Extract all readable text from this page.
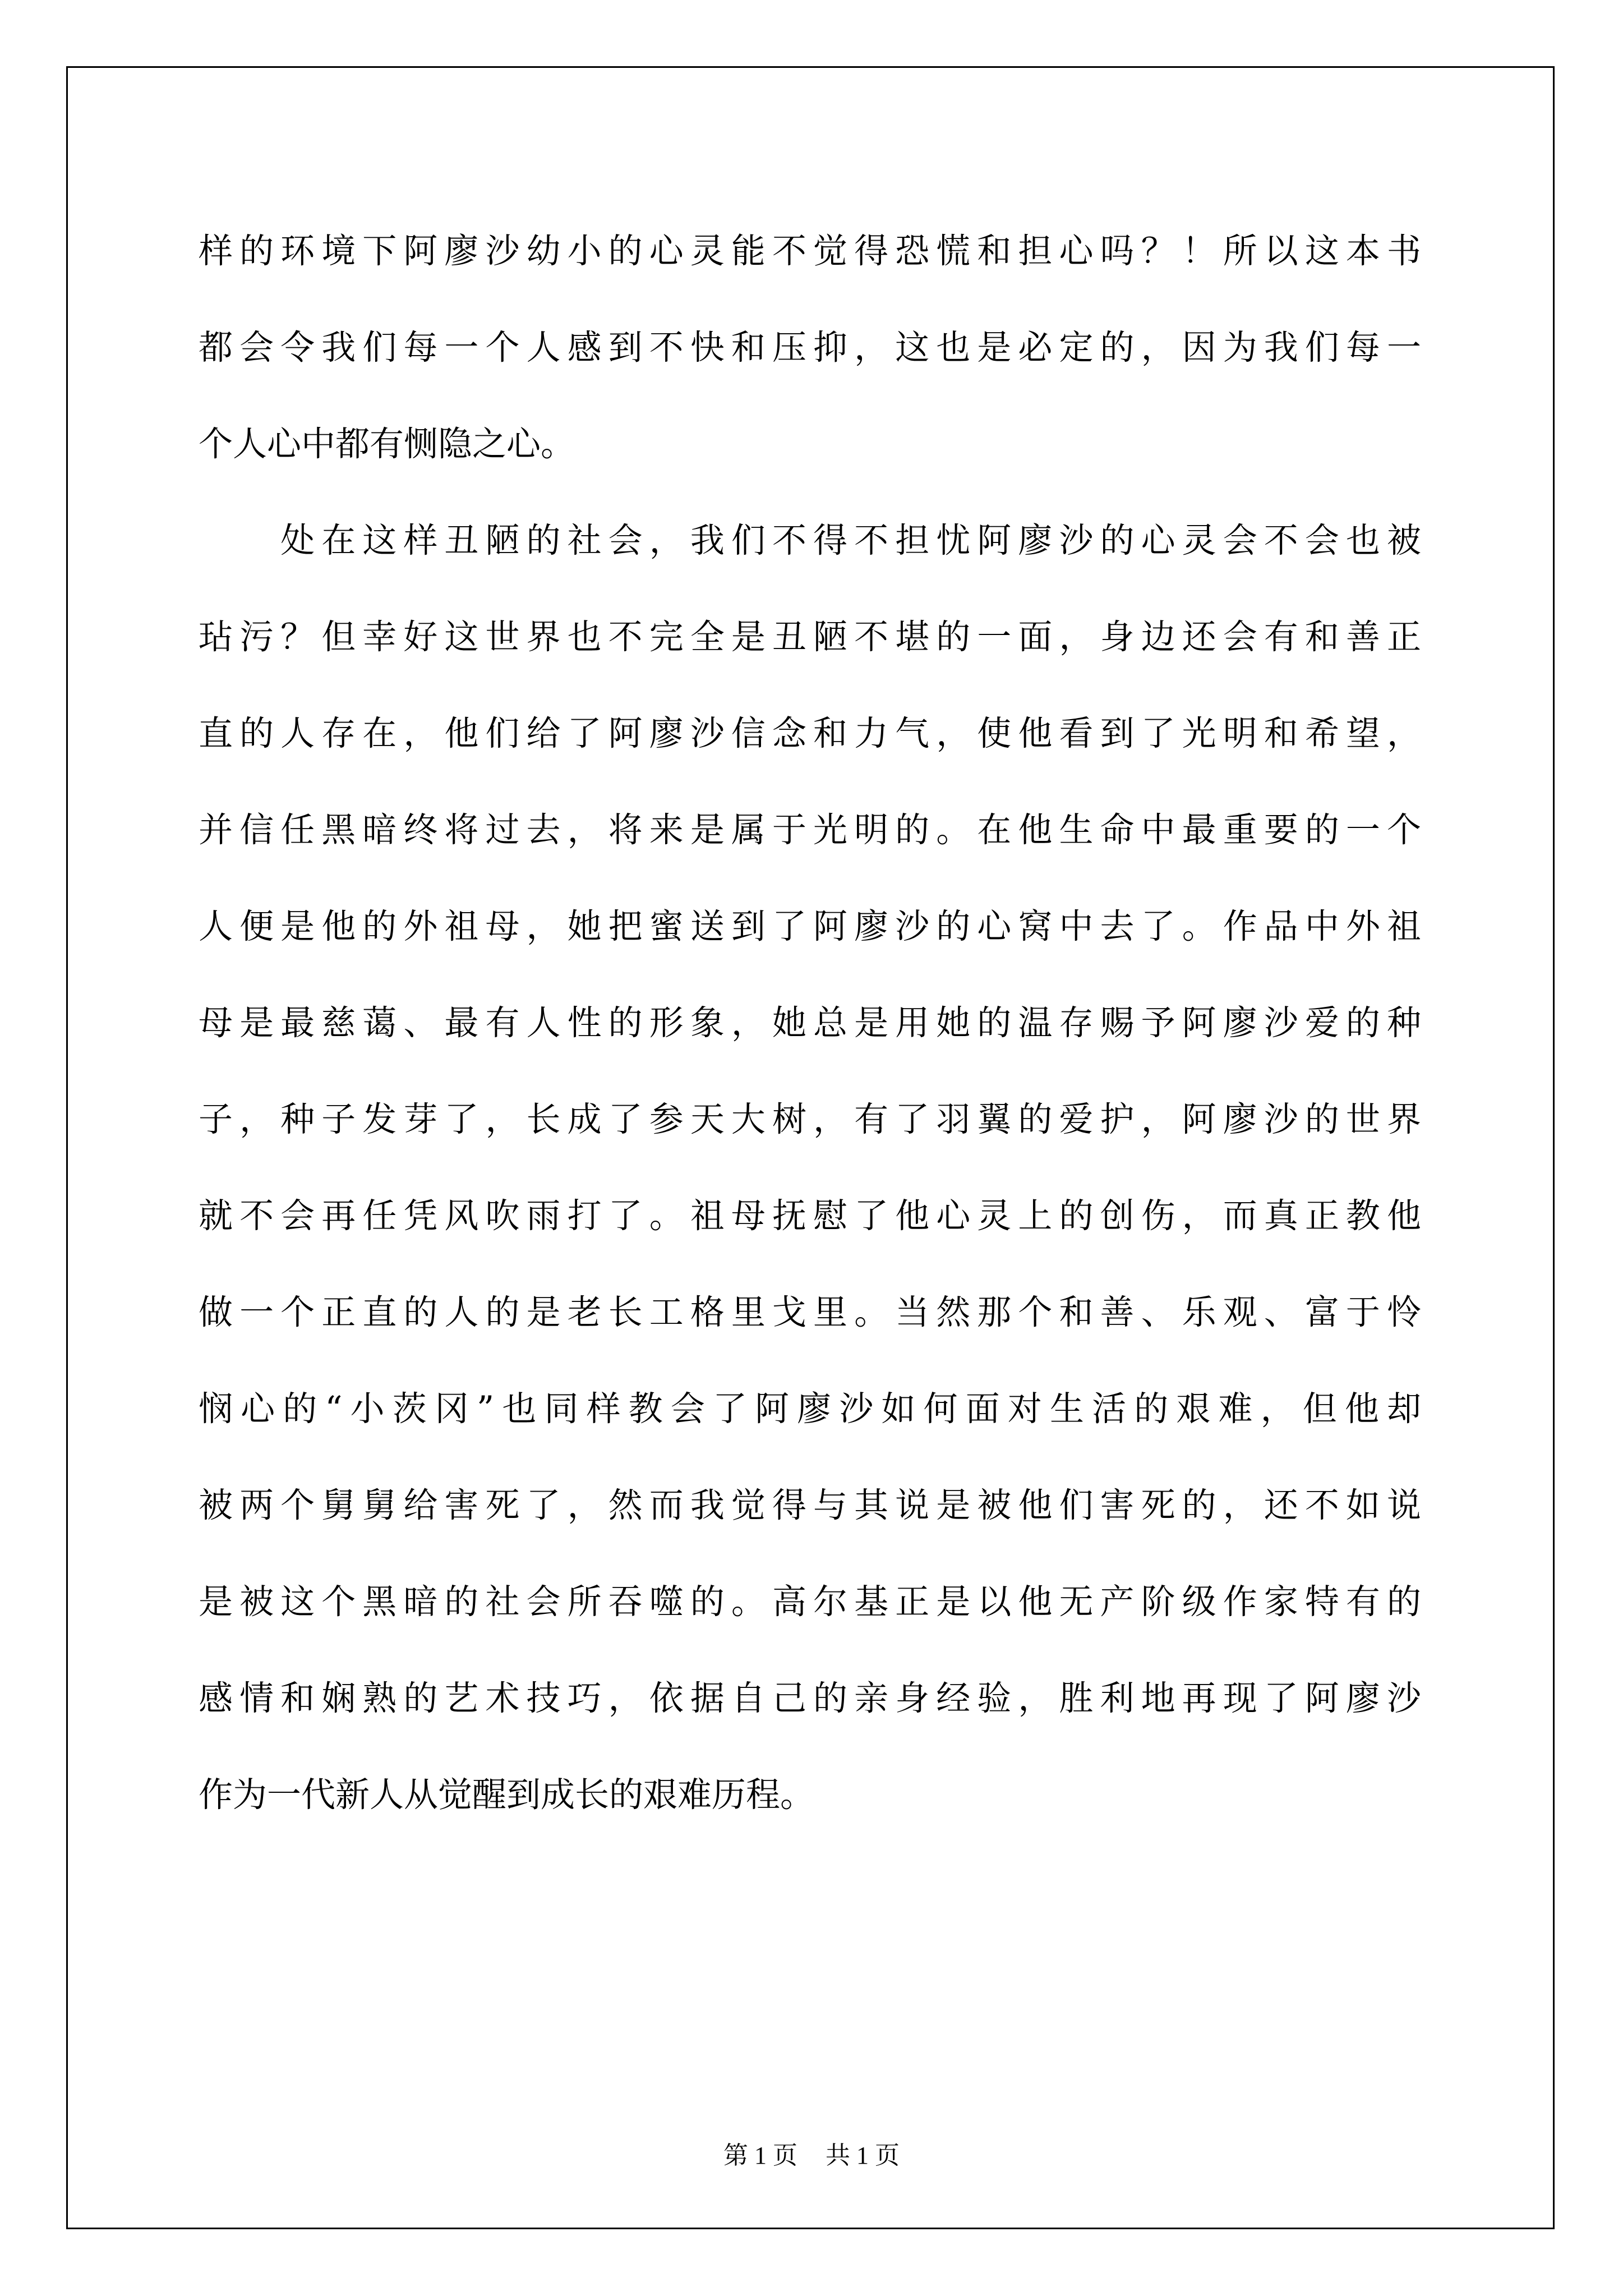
样的环境下阿廖沙幼小的心灵能不觉得恐慌和担心吗？！所以这本书
都会令我们每一个人感到不快和压抑，这也是必定的，因为我们每一
个人心中都有恻隐之心。
　　处在这样丑陋的社会，我们不得不担忧阿廖沙的心灵会不会也被
玷污？但幸好这世界也不完全是丑陋不堪的一面，身边还会有和善正
直的人存在，他们给了阿廖沙信念和力气，使他看到了光明和希望，
并信任黑暗终将过去，将来是属于光明的。在他生命中最重要的一个
人便是他的外祖母，她把蜜送到了阿廖沙的心窝中去了。作品中外祖
母是最慈蔼、最有人性的形象，她总是用她的温存赐予阿廖沙爱的种
子，种子发芽了，长成了参天大树，有了羽翼的爱护，阿廖沙的世界
就不会再任凭风吹雨打了。祖母抚慰了他心灵上的创伤，而真正教他
做一个正直的人的是老长工格里戈里。当然那个和善、乐观、富于怜
悯心的“小茨冈”也同样教会了阿廖沙如何面对生活的艰难，但他却
被两个舅舅给害死了，然而我觉得与其说是被他们害死的，还不如说
是被这个黑暗的社会所吞噬的。高尔基正是以他无产阶级作家特有的
感情和娴熟的艺术技巧，依据自己的亲身经验，胜利地再现了阿廖沙
作为一代新人从觉醒到成长的艰难历程。
第 1 页 共 1 页
